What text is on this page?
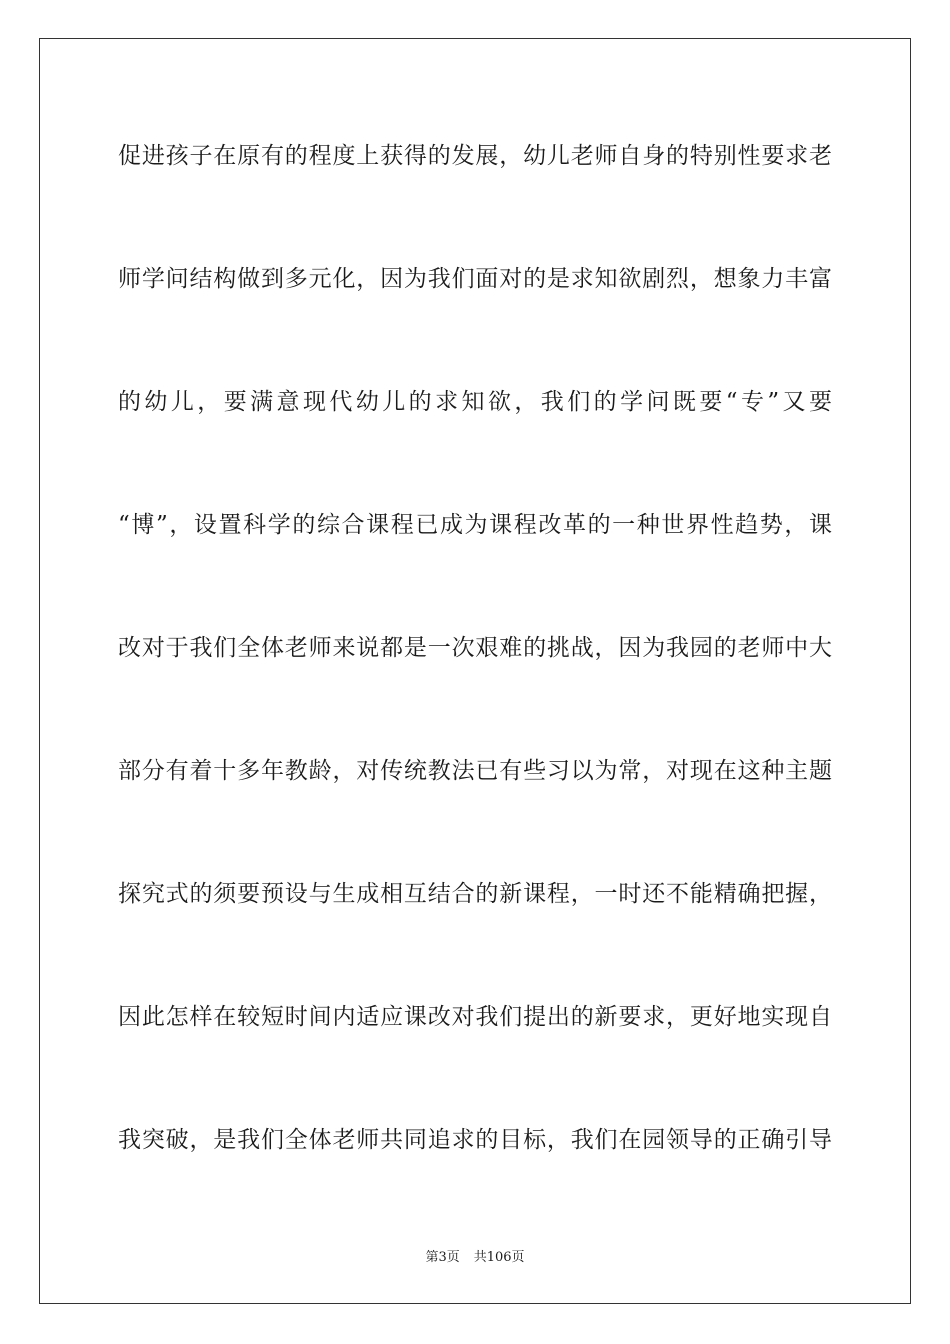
促进孩子在原有的程度上获得的发展，幼儿老师自身的特别性要求老
师学问结构做到多元化，因为我们面对的是求知欲剧烈，想象力丰富
的幼儿，要满意现代幼儿的求知欲，我们的学问既要“专”又要
“博”，设置科学的综合课程已成为课程改革的一种世界性趋势，课
改对于我们全体老师来说都是一次艰难的挑战，因为我园的老师中大
部分有着十多年教龄，对传统教法已有些习以为常，对现在这种主题
探究式的须要预设与生成相互结合的新课程，一时还不能精确把握，
因此怎样在较短时间内适应课改对我们提出的新要求，更好地实现自
我突破，是我们全体老师共同追求的目标，我们在园领导的正确引导
第3页 共106页
